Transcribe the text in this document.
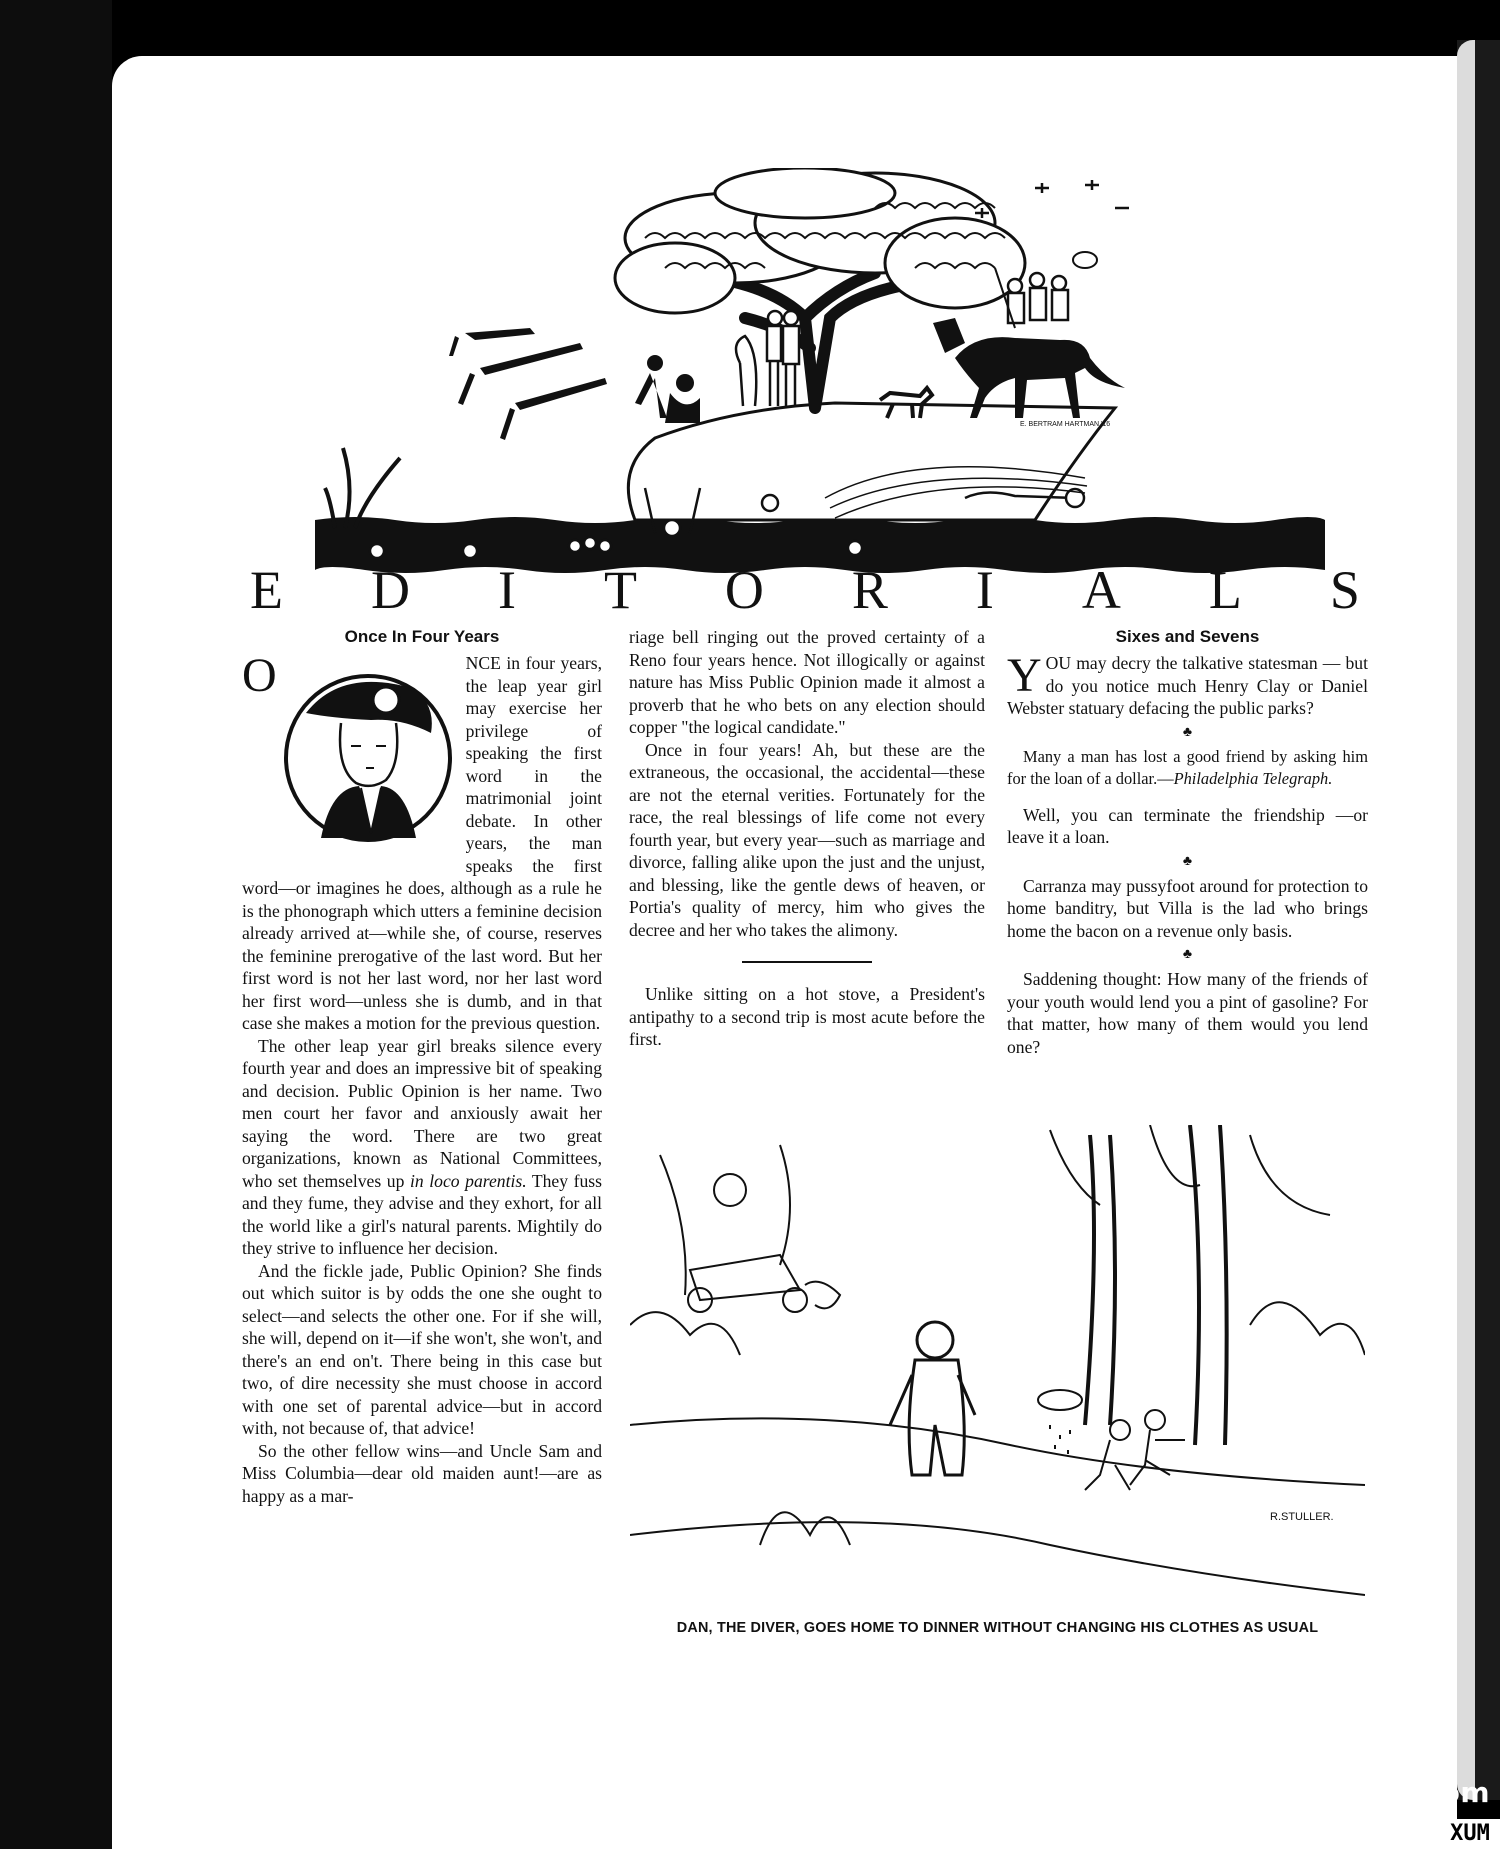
E. BERTRAM HARTMAN '16
E D I T O R I A L S
Once In Four Years

O	NCE in four years, the leap year girl may exercise her privilege of speaking the first word in the matrimonial joint debate. In other years, the man speaks the first word—or imagines he does, although as a rule he is the phonograph which utters a feminine decision already arrived at—while she, of course, reserves the feminine prerogative of the last word. But her first word is not her last word, nor her last word her first word—unless she is dumb, and in that case she makes a motion for the previous question.

The other leap year girl breaks silence every fourth year and does an impressive bit of speaking and decision. Public Opinion is her name. Two men court her favor and anxiously await her saying the word. There are two great organizations, known as National Committees, who set themselves up in loco parentis. They fuss and they fume, they advise and they exhort, for all the world like a girl's natural parents. Mightily do they strive to influence her decision.

And the fickle jade, Public Opinion? She finds out which suitor is by odds the one she ought to select—and selects the other one. For if she will, she will, depend on it—if she won't, she won't, and there's an end on't. There being in this case but two, of dire necessity she must choose in accord with one set of parental advice—but in accord with, not because of, that advice!

So the other fellow wins—and Uncle Sam and Miss Columbia—dear old maiden aunt!—are as happy as a mar-

riage bell ringing out the proved certainty of a Reno four years hence. Not illogically or against nature has Miss Public Opinion made it almost a proverb that he who bets on any election should copper "the logical candidate."

Once in four years! Ah, but these are the extraneous, the occasional, the accidental—these are not the eternal verities. Fortunately for the race, the real blessings of life come not every fourth year, but every year—such as marriage and divorce, falling alike upon the just and the unjust, and blessing, like the gentle dews of heaven, or Portia's quality of mercy, him who gives the decree and her who takes the alimony.

Unlike sitting on a hot stove, a President's antipathy to a second trip is most acute before the first.

Sixes and Sevens

YOU may decry the talkative statesman — but do you notice much Henry Clay or Daniel Webster statuary defacing the public parks?

♣

Many a man has lost a good friend by asking him for the loan of a dollar.—Philadelphia Telegraph.

Well, you can terminate the friendship —or leave it a loan.

♣

Carranza may pussyfoot around for protection to home banditry, but Villa is the lad who brings home the bacon on a revenue only basis.

♣

Saddening thought: How many of the friends of your youth would lend you a pint of gasoline? For that matter, how many of them would you lend one?

R.STULLER.
DAN, THE DIVER, GOES HOME TO DINNER WITHOUT CHANGING HIS CLOTHES AS USUAL
comicbooks.com
XUM
